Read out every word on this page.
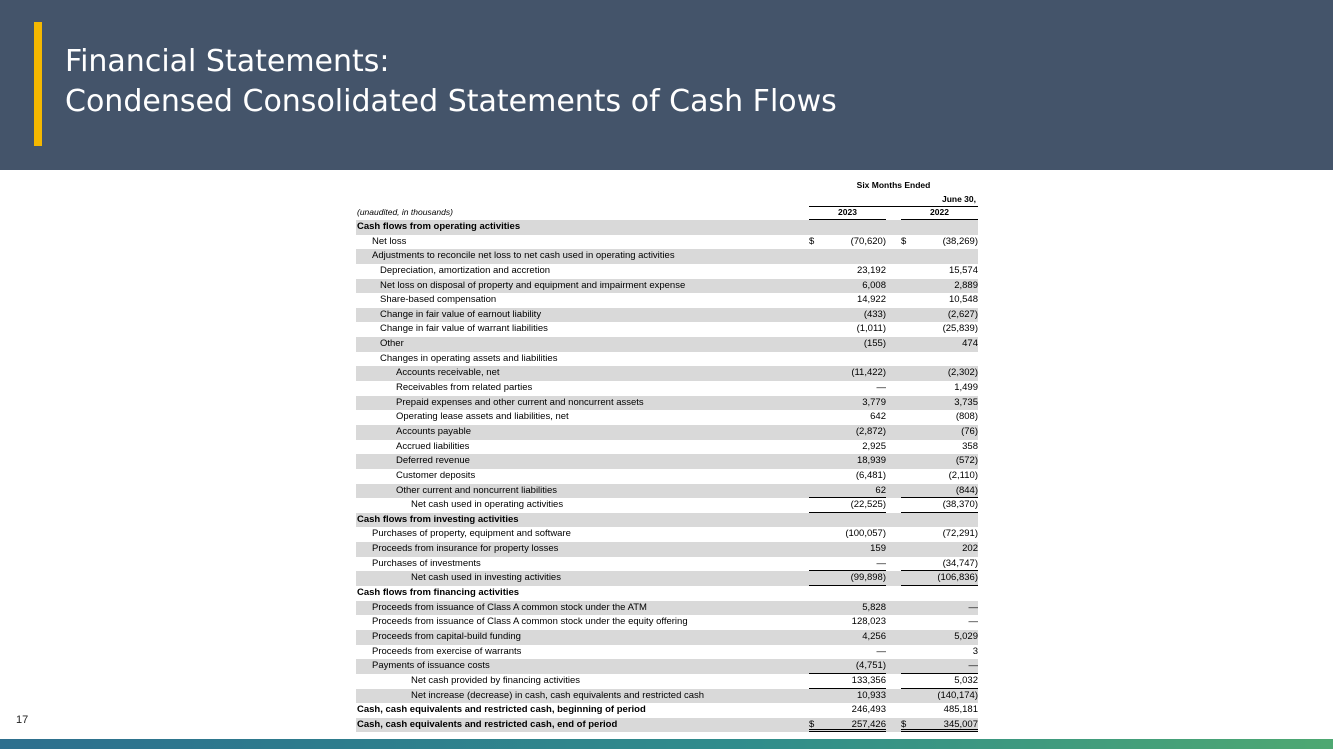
Financial Statements:
Condensed Consolidated Statements of Cash Flows
Six Months Ended
June 30,
(unaudited, in thousands)	2023	2022
Cash flows from operating activities
Net loss	$	(70,620) $	(38,269)
Adjustments to reconcile net loss to net cash used in operating activities
Depreciation, amortization and accretion	23,192	15,574
Net loss on disposal of property and equipment and impairment expense	6,008	2,889
Share-based compensation	14,922	10,548
Change in fair value of earnout liability	(433)	(2,627)
Change in fair value of warrant liabilities	(1,011)	(25,839)
Other	(155)	474
Changes in operating assets and liabilities
Accounts receivable, net	(11,422)	(2,302)
Receivables from related parties	—	1,499
Prepaid expenses and other current and noncurrent assets	3,779	3,735
Operating lease assets and liabilities, net	642	(808)
Accounts payable	(2,872)	(76)
Accrued liabilities	2,925	358
Deferred revenue	18,939	(572)
Customer deposits	(6,481)	(2,110)
Other current and noncurrent liabilities	62	(844)
Net cash used in operating activities	(22,525)	(38,370)
Cash flows from investing activities
Purchases of property, equipment and software	(100,057)	(72,291)
Proceeds from insurance for property losses	159	202
Purchases of investments	—	(34,747)
Net cash used in investing activities	(99,898)	(106,836)
Cash flows from financing activities
Proceeds from issuance of Class A common stock under the ATM	5,828	—
Proceeds from issuance of Class A common stock under the equity offering	128,023	—
Proceeds from capital-build funding	4,256	5,029
Proceeds from exercise of warrants	—	3
Payments of issuance costs	(4,751)	—
Net cash provided by financing activities	133,356	5,032
Net increase (decrease) in cash, cash equivalents and restricted cash	10,933	(140,174)
Cash, cash equivalents and restricted cash, beginning of period	246,493	485,181
Cash, cash equivalents and restricted cash, end of period	$	257,426 $	345,007
17
